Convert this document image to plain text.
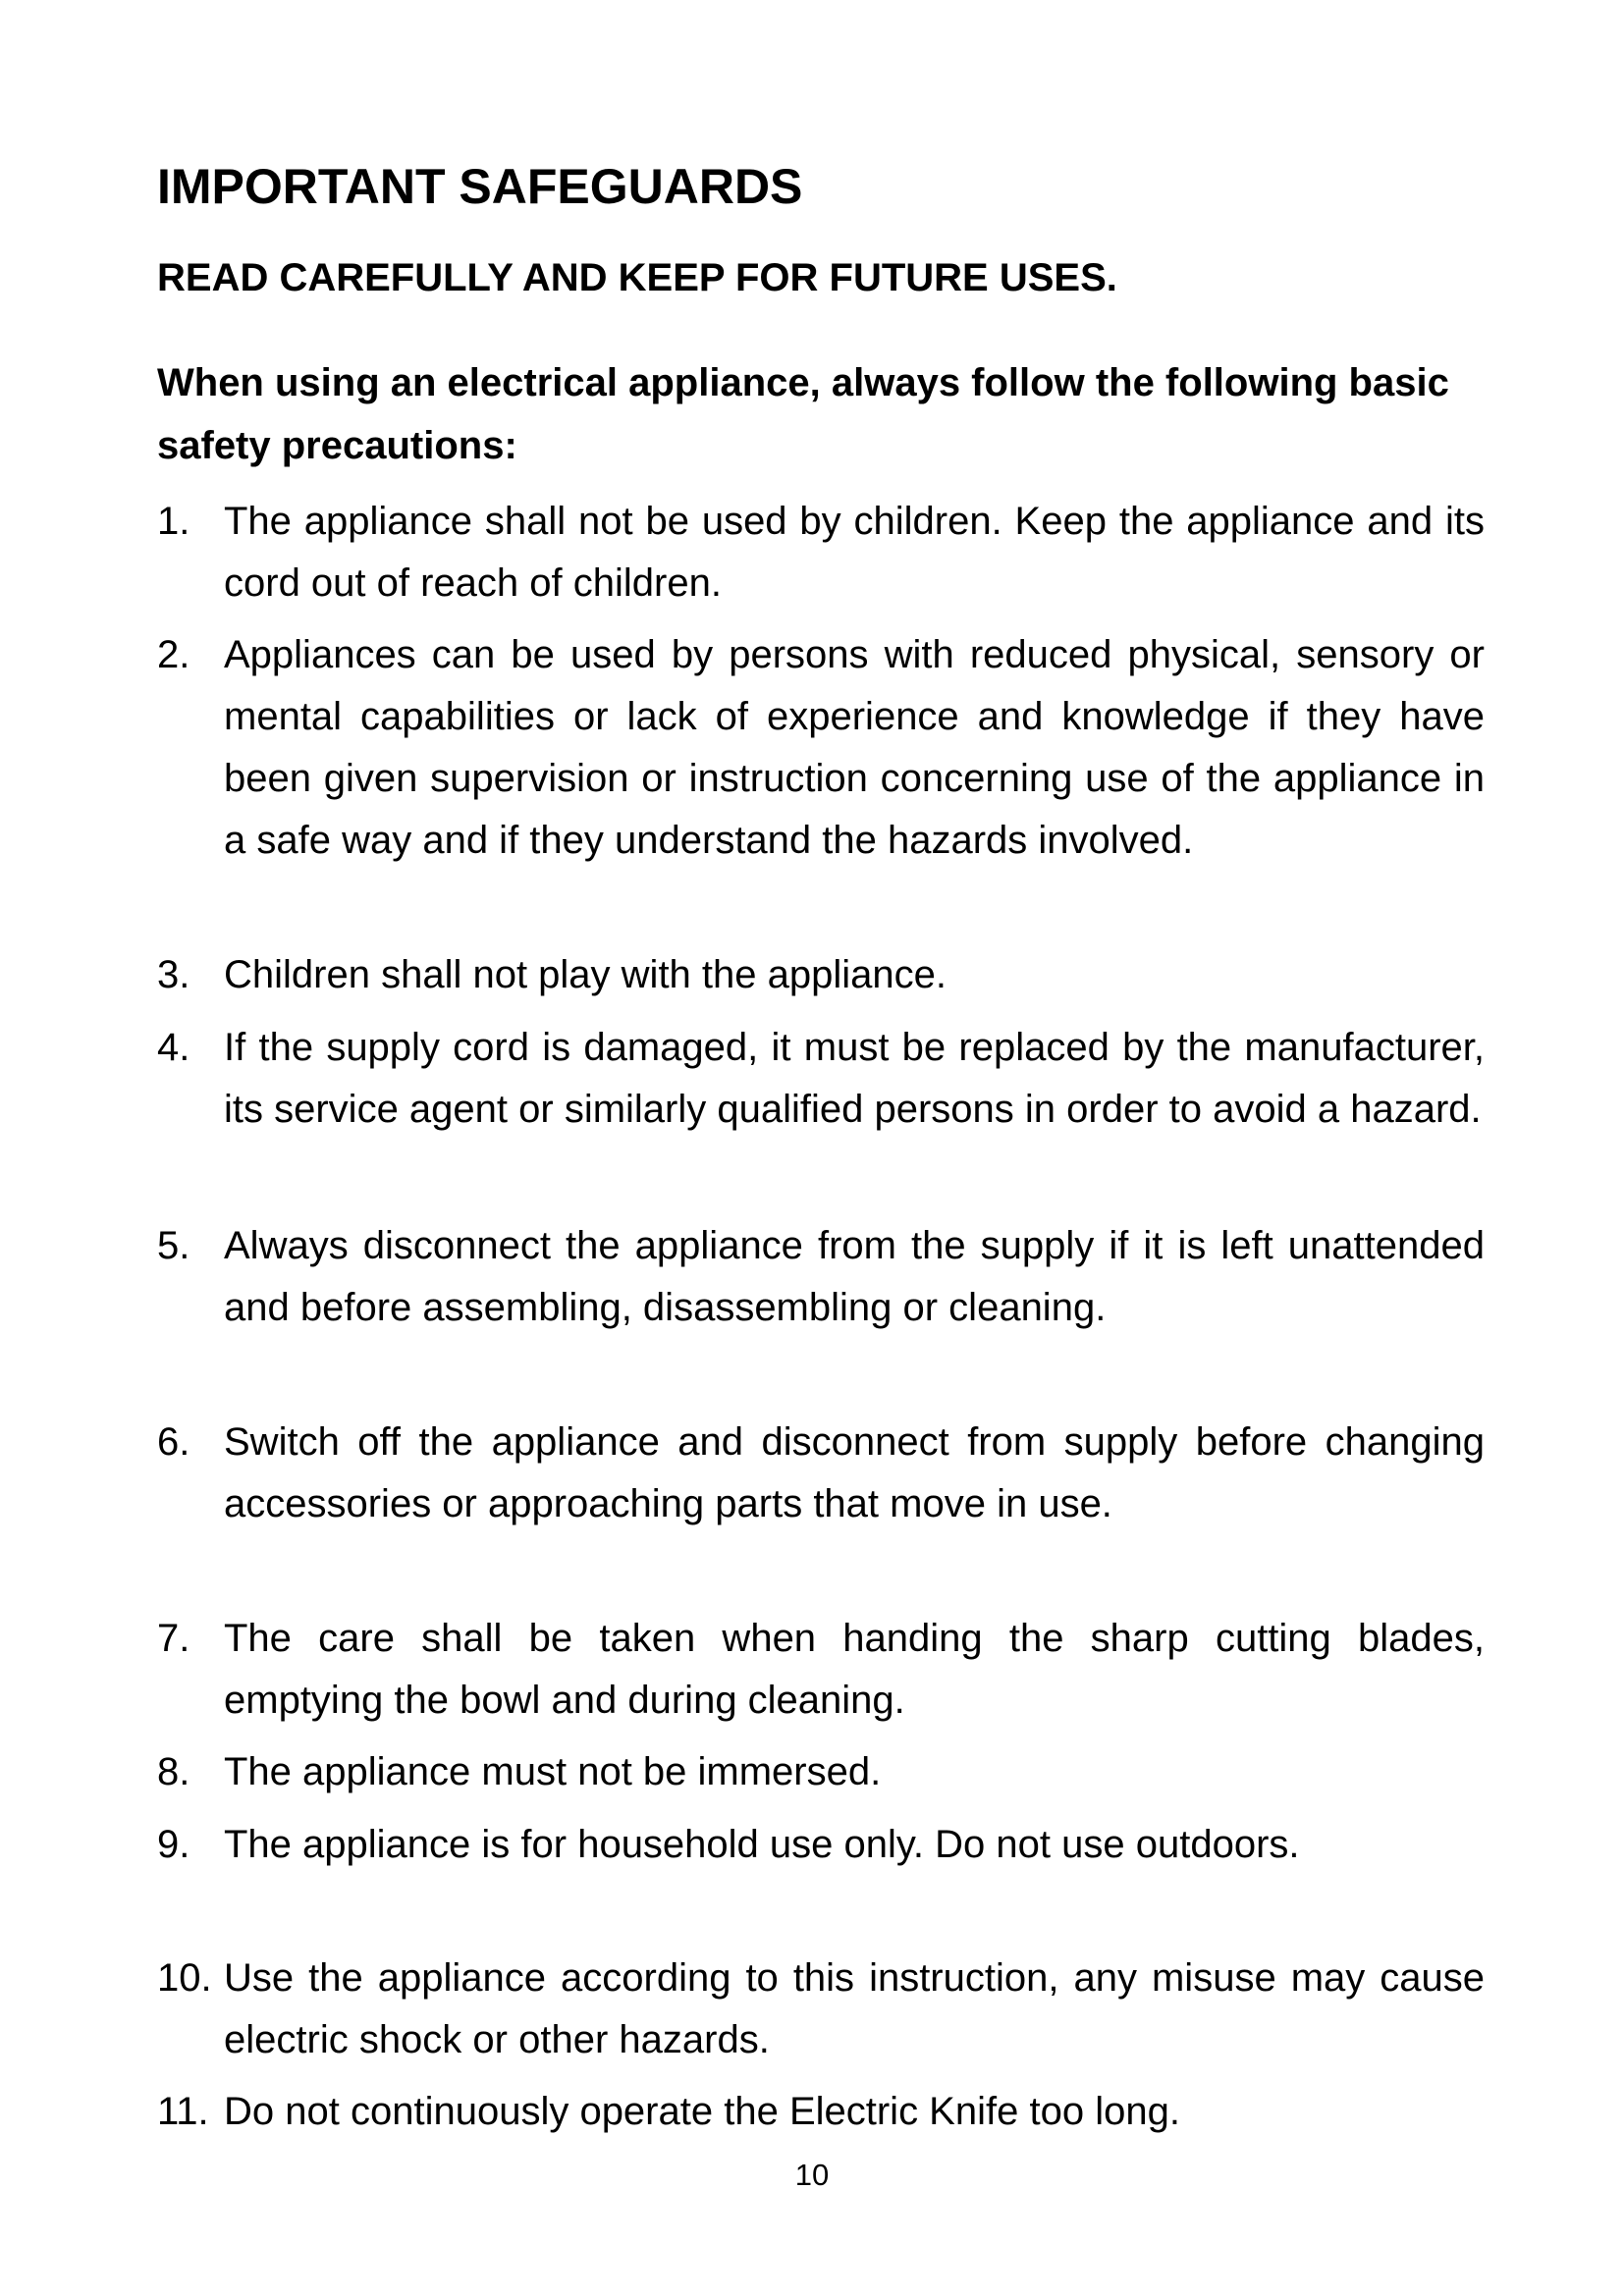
IMPORTANT SAFEGUARDS
READ CAREFULLY AND KEEP FOR FUTURE USES.

When using an electrical appliance, always follow the following basic safety precautions:

1. The appliance shall not be used by children. Keep the appliance and its cord out of reach of children.
2. Appliances can be used by persons with reduced physical, sensory or mental capabilities or lack of experience and knowledge if they have been given supervision or instruction concerning use of the appliance in a safe way and if they understand the hazards involved.
3. Children shall not play with the appliance.
4. If the supply cord is damaged, it must be replaced by the manufacturer, its service agent or similarly qualified persons in order to avoid a hazard.
5. Always disconnect the appliance from the supply if it is left unattended and before assembling, disassembling or cleaning.
6. Switch off the appliance and disconnect from supply before changing accessories or approaching parts that move in use.
7. The care shall be taken when handing the sharp cutting blades, emptying the bowl and during cleaning.
8. The appliance must not be immersed.
9. The appliance is for household use only. Do not use outdoors.
10. Use the appliance according to this instruction, any misuse may cause electric shock or other hazards.
11. Do not continuously operate the Electric Knife too long.
10
